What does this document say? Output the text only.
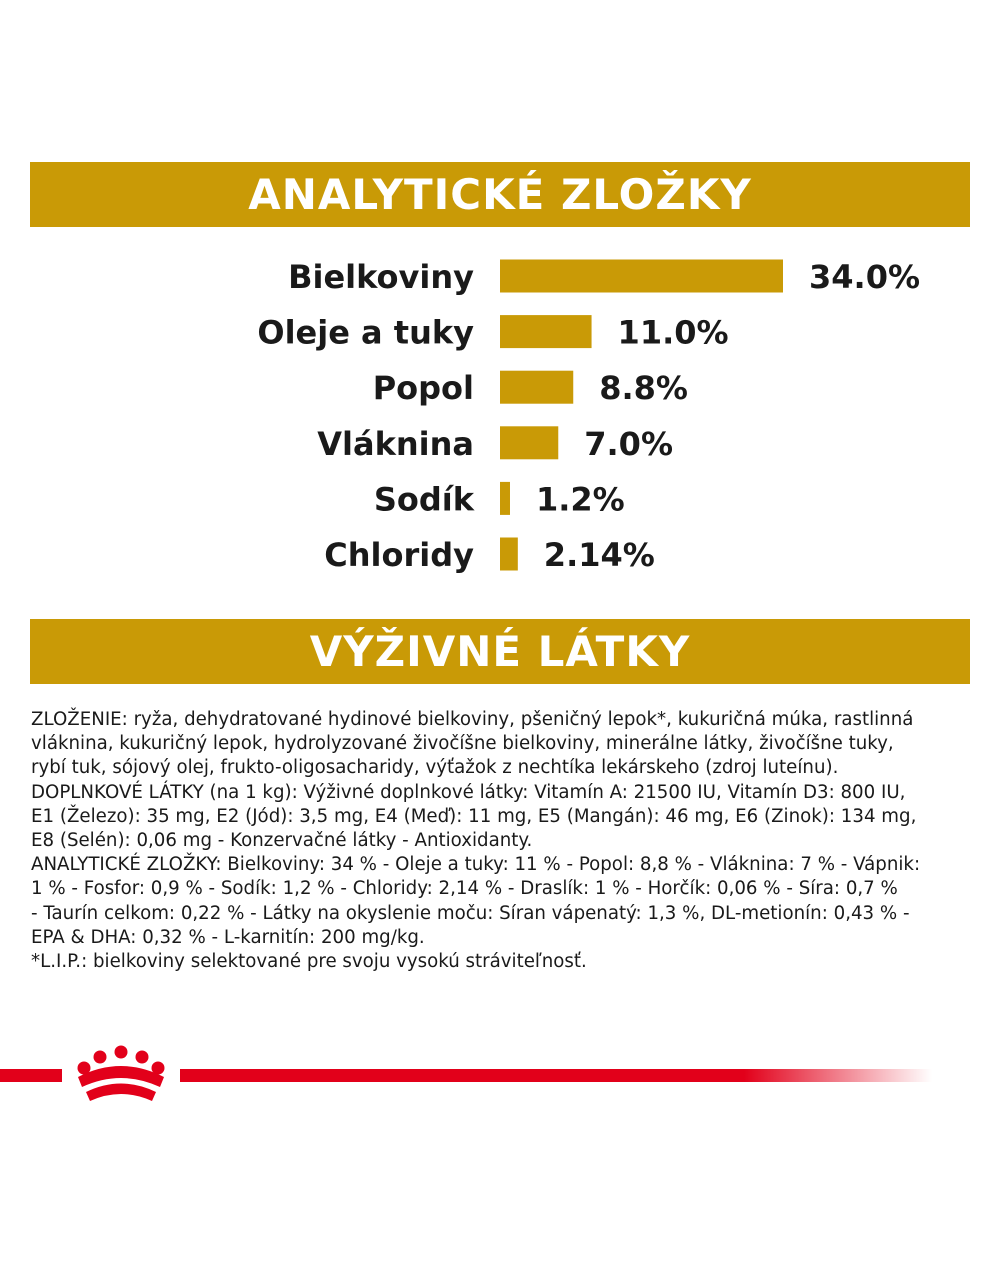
ANALYTICKÉ ZLOŽKY
Bielkoviny	34.0%
Oleje a tuky	11.0%
Popol	8.8%
Vláknina	7.0%
Sodík 1.2%
Chloridy 2.14%
VÝŽIVNÉ LÁTKY

ZLOŽENIE: ryža, dehydratované hydinové bielkoviny, pšeničný lepok*, kukuričná múka, rastlinná

vláknina, kukuričný lepok, hydrolyzované živočíšne bielkoviny, minerálne látky, živočíšne tuky,

rybí tuk, sójový olej, frukto-oligosacharidy, výťažok z nechtíka lekárskeho (zdroj luteínu).

DOPLNKOVÉ LÁTKY (na 1 kg): Výživné doplnkové látky: Vitamín A: 21500 IU, Vitamín D3: 800 IU,

E1 (Železo): 35 mg, E2 (Jód): 3,5 mg, E4 (Meď): 11 mg, E5 (Mangán): 46 mg, E6 (Zinok): 134 mg,

E8 (Selén): 0,06 mg - Konzervačné látky - Antioxidanty.

ANALYTICKÉ ZLOŽKY: Bielkoviny: 34 % - Oleje a tuky: 11 % - Popol: 8,8 % - Vláknina: 7 % - Vápnik:

1 % - Fosfor: 0,9 % - Sodík: 1,2 % - Chloridy: 2,14 % - Draslík: 1 % - Horčík: 0,06 % - Síra: 0,7 %

- Taurín celkom: 0,22 % - Látky na okyslenie moču: Síran vápenatý: 1,3 %, DL-metionín: 0,43 % -

EPA & DHA: 0,32 % - L-karnitín: 200 mg/kg.

*L.I.P.: bielkoviny selektované pre svoju vysokú stráviteľnosť.
